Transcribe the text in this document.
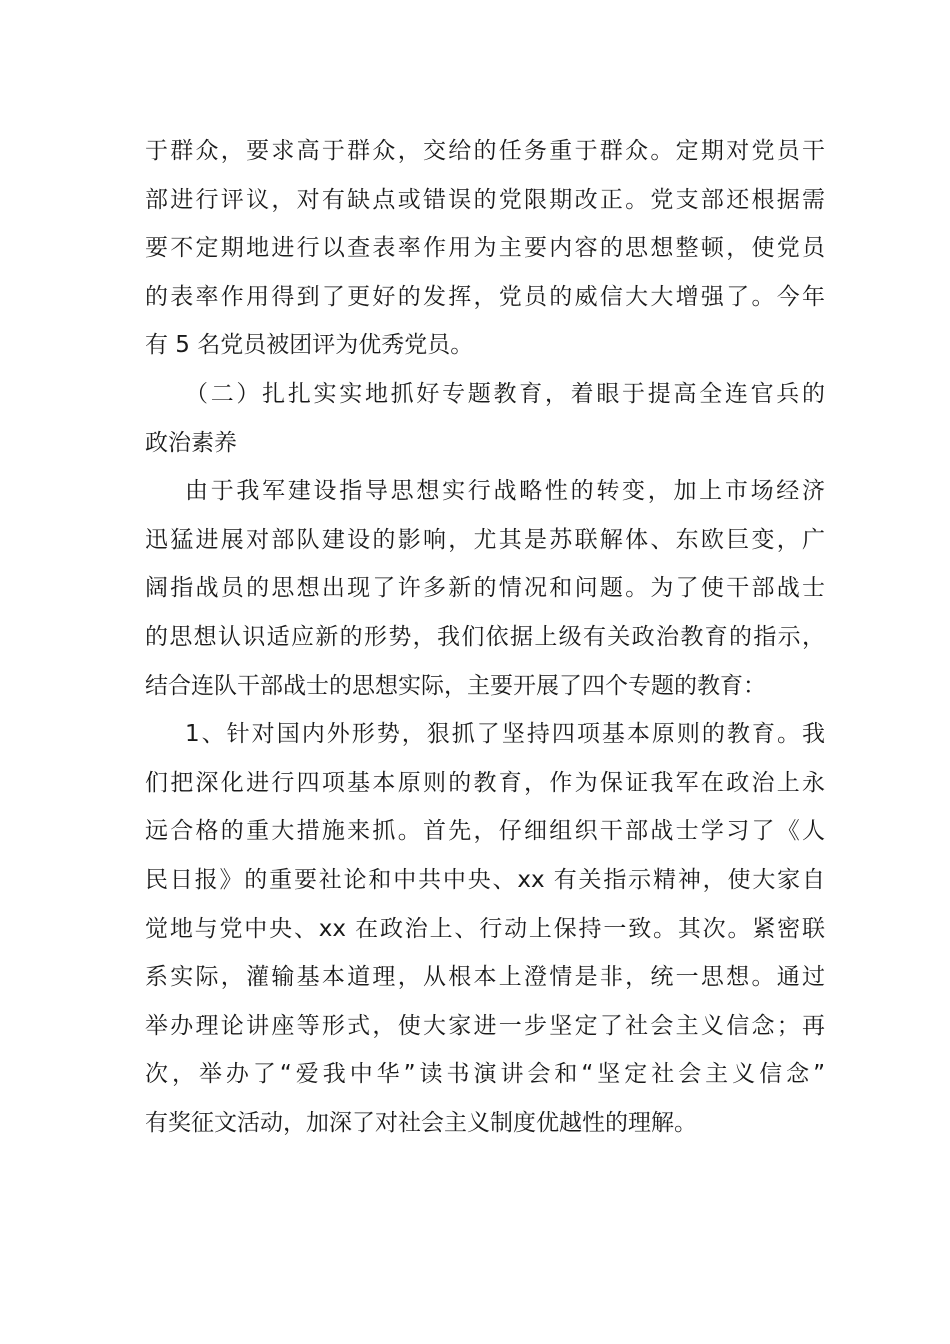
于群众，要求高于群众，交给的任务重于群众。定期对党员干
部进行评议，对有缺点或错误的党限期改正。党支部还根据需
要不定期地进行以查表率作用为主要内容的思想整顿，使党员
的表率作用得到了更好的发挥，党员的威信大大增强了。今年
有 5 名党员被团评为优秀党员。
（二）扎扎实实地抓好专题教育，着眼于提高全连官兵的
政治素养
由于我军建设指导思想实行战略性的转变，加上市场经济
迅猛进展对部队建设的影响，尤其是苏联解体、东欧巨变，广
阔指战员的思想出现了许多新的情况和问题。为了使干部战士
的思想认识适应新的形势，我们依据上级有关政治教育的指示，
结合连队干部战士的思想实际，主要开展了四个专题的教育：
1、针对国内外形势，狠抓了坚持四项基本原则的教育。我
们把深化进行四项基本原则的教育，作为保证我军在政治上永
远合格的重大措施来抓。首先，仔细组织干部战士学习了《人
民日报》的重要社论和中共中央、xx 有关指示精神，使大家自
觉地与党中央、xx 在政治上、行动上保持一致。其次。紧密联
系实际，灌输基本道理，从根本上澄情是非，统一思想。通过
举办理论讲座等形式，使大家进一步坚定了社会主义信念；再
次，举办了“爱我中华”读书演讲会和“坚定社会主义信念”
有奖征文活动，加深了对社会主义制度优越性的理解。
